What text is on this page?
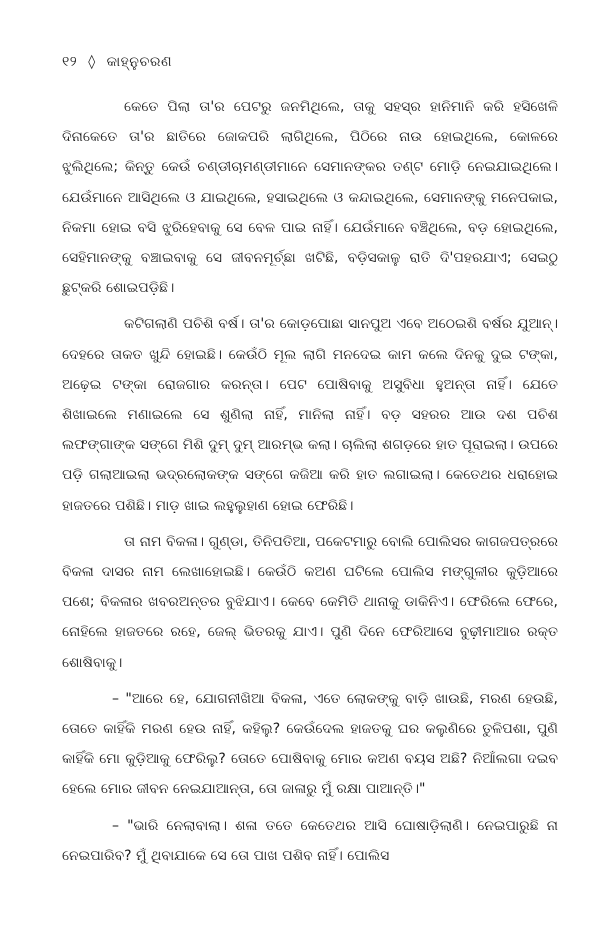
୧୨ ◊ କାହ୍ନୁଚରଣ

କେତେ ପିଲା ତା'ର ପେଟରୁ ଜନମିଥିଲେ, ତାକୁ ସହସ୍ର ହାନିମାନି କରି ହସିଖେଳି ଦିନାକେତେ ତା'ର ଛାତିରେ ଜୋକପରି ଲାଗିଥିଲେ, ପିଠିରେ ନାଉ ହୋଇଥିଲେ, କୋଳରେ ଝୁଲିଥିଲେ; କିନ୍ତୁ କେଉଁ ଚଣ୍ଡୀଚାମଣ୍ଡୀମାନେ ସେମାନଙ୍କର ତଣ୍ଟ ମୋଡ଼ି ନେଇଯାଇଥିଲେ। ଯେଉଁମାନେ ଆସିଥିଲେ ଓ ଯାଇଥିଲେ, ହସାଇଥିଲେ ଓ କନ୍ଦାଇଥିଲେ, ସେମାନଙ୍କୁ ମନେପକାଇ, ନିକମା ହୋଇ ବସି ଝୁରିହେବାକୁ ସେ ବେଳ ପାଇ ନାହିଁ। ଯେଉଁମାନେ ବଞ୍ଚିଥିଲେ, ବଡ଼ ହୋଇଥିଲେ, ସେହିମାନଙ୍କୁ ବଞ୍ଚାଇବାକୁ ସେ ଜୀବନମୂର୍ଚ୍ଛା ଖଟିଛି, ବଡ଼ିସକାଳୁ ରାତି ଦି'ପହରଯାଏ; ସେଇଠୁ ଛୁଟ୍‌କରି ଶୋଇପଡ଼ିଛି।

କଟିଗଲାଣି ପଚିଶି ବର୍ଷ। ତା'ର କୋଡ଼ପୋଛା ସାନପୁଅ ଏବେ ଅଠେଇଶି ବର୍ଷର ଯୁଆନ୍। ଦେହରେ ତାକତ ଖୁନ୍ଦି ହୋଇଛି। କେଉଁଠି ମୂଲ ଲାଗି ମନଦେଇ କାମ କଲେ ଦିନକୁ ଦୁଇ ଟଙ୍କା, ଅଢ଼େଇ ଟଙ୍କା ରୋଜଗାର କରନ୍ତା। ପେଟ ପୋଷିବାକୁ ଅସୁବିଧା ହୁଅନ୍ତା ନାହିଁ। ଯେତେ ଶିଖାଇଲେ ମଣାଇଲେ ସେ ଶୁଣିଲା ନାହିଁ, ମାନିଲା ନାହିଁ। ବଡ଼ ସହରର ଆଉ ଦଶ ପଚିଶ ଲଫଙ୍ଗାଙ୍କ ସଙ୍ଗେ ମିଶି ଦୁମ୍ ଦୁମ୍ ଆରମ୍ଭ କଲା। ଚାଲିଲା ଶଗଡ଼ରେ ହାତ ପୂରାଇଲା। ଉପରେ ପଡ଼ି ଗଲାଆଇଲା ଭଦ୍ରଲୋକଙ୍କ ସଙ୍ଗେ କଜିଆ କରି ହାତ ଲଗାଇଲା। କେତେଥର ଧରାହୋଇ ହାଜତରେ ପଶିଛି। ମାଡ଼ ଖାଇ ଲହୁଲୁହାଣ ହୋଇ ଫେରିଛି।

ତା ନାମ ବିକଳା। ଗୁଣ୍ଡା, ତିନିପତିଆ, ପକେଟମାରୁ ବୋଲି ପୋଲିସର କାଗଜପତ୍ରରେ ବିକଳା ଦାସର ନାମ ଲେଖାହୋଇଛି। କେଉଁଠି କଅଣ ଘଟିଲେ ପୋଲିସ ମଙ୍ଗୁଳୀର କୁଡ଼ିଆରେ ପଶେ; ବିକଳାର ଖବରଅନ୍ତର ବୁଝିଯାଏ। କେବେ କେମିତି ଥାନାକୁ ଡାକିନିଏ। ଫେରିଲେ ଫେରେ, ନୋହିଲେ ହାଜତରେ ରହେ, ଜେଲ୍ ଭିତରକୁ ଯାଏ। ପୁଣି ଦିନେ ଫେରିଆସେ ବୁଢ଼ୀମାଆର ରକ୍ତ ଶୋଷିବାକୁ।

– "ଆରେ ହେ, ଯୋଗନୀଖିଆ ବିକଳା, ଏତେ ଲୋକଙ୍କୁ ବାଡ଼ି ଖାଉଛି, ମରଣ ହେଉଛି, ତୋତେ କାହିଁକି ମରଣ ହେଉ ନାହିଁ, କହିଲୁ? କେଉଁଦେଲ ହାଜତକୁ ଘର କଲୁଣିରେ ତୁଳିପଶା, ପୁଣି କାହିଁକି ମୋ କୁଡ଼ିଆକୁ ଫେରିଲୁ? ତୋତେ ପୋଷିବାକୁ ମୋର କଅଣ ବୟସ ଅଛି? ନିଆଁଲଗା ଦଇବ ହେଲେ ମୋର ଜୀବନ ନେଇଯାଆନ୍ତା, ତୋ ଜାଳାରୁ ମୁଁ ରକ୍ଷା ପାଆନ୍ତି।"

– "ଭାରି ନେଲାବାଲା। ଶଳା ତତେ କେତେଥର ଆସି ଘୋଷାଡ଼ିଲାଣି। ନେଇପାରୁଛି ନା ନେଇପାରିବ? ମୁଁ ଥିବାଯାକେ ସେ ତୋ ପାଖ ପଶିବ ନାହିଁ। ପୋଲିସ
